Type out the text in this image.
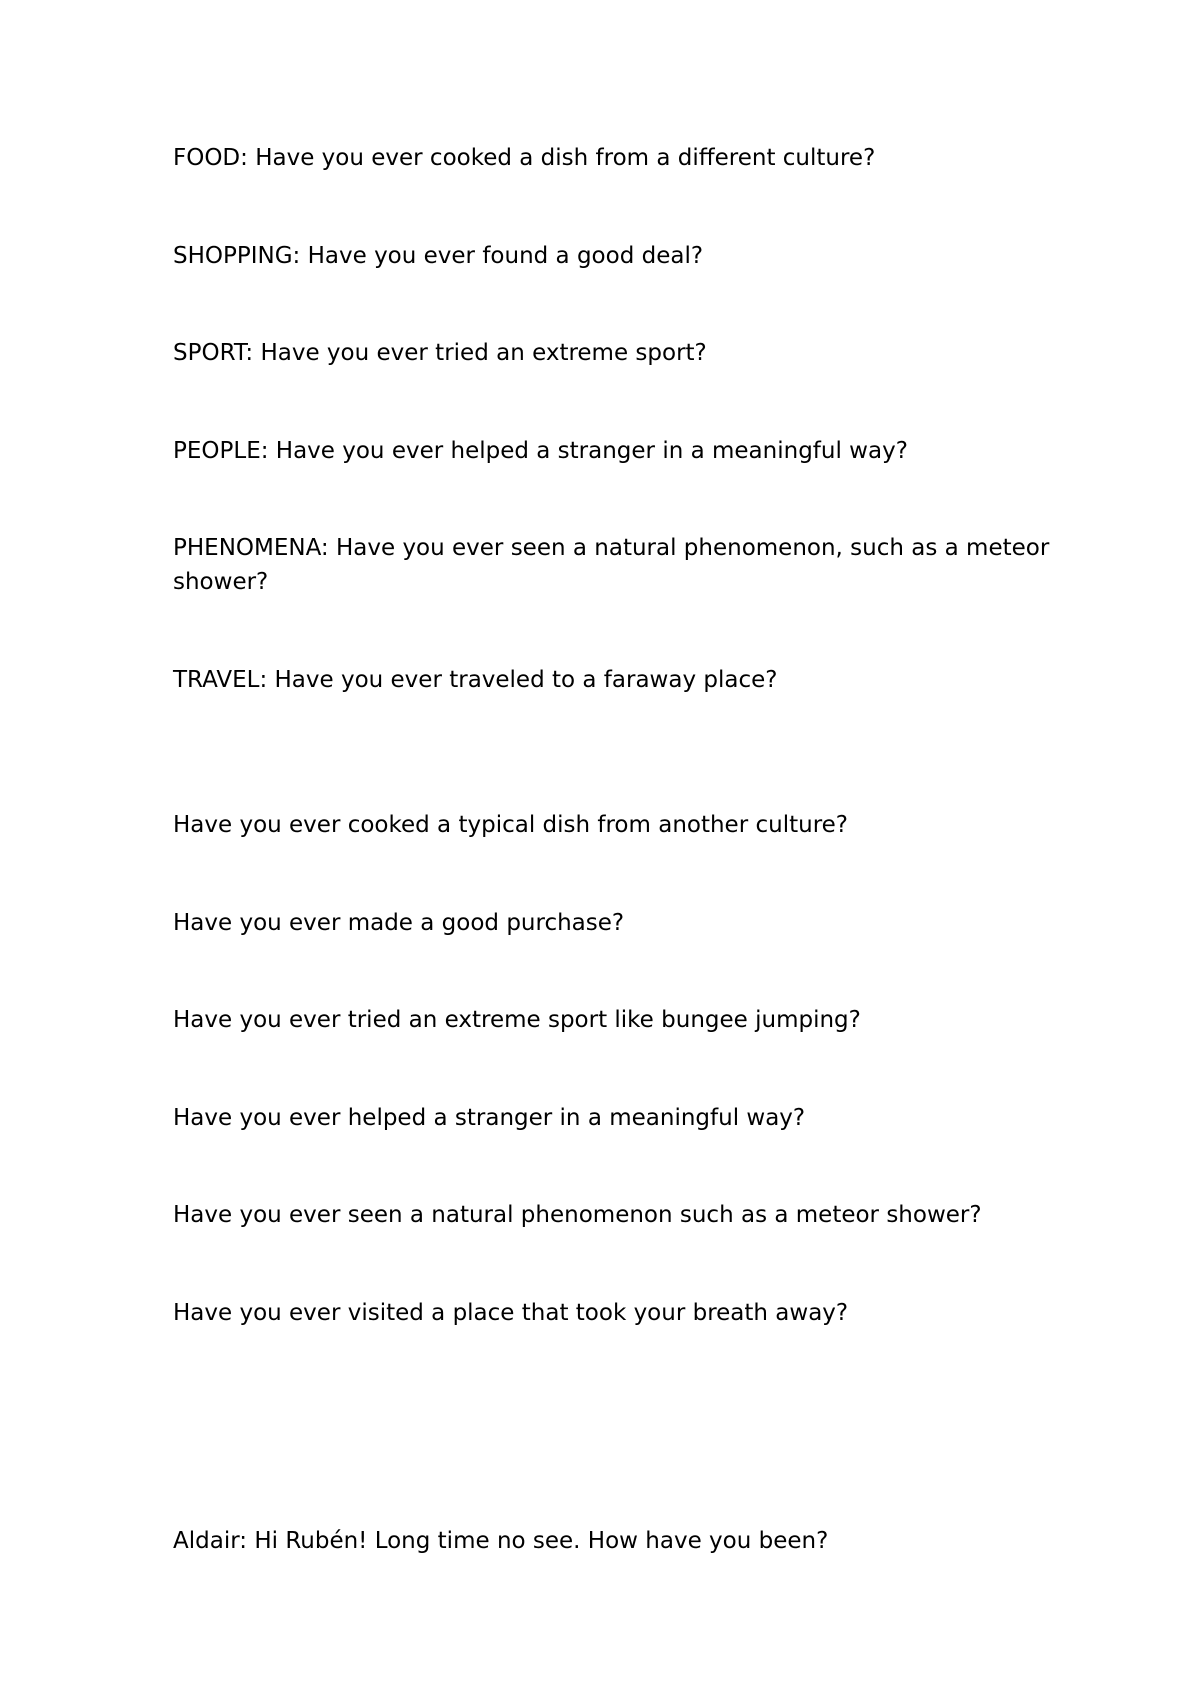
FOOD: Have you ever cooked a dish from a different culture?

SHOPPING: Have you ever found a good deal?

SPORT: Have you ever tried an extreme sport?

PEOPLE: Have you ever helped a stranger in a meaningful way?

PHENOMENA: Have you ever seen a natural phenomenon, such as a meteor shower?

TRAVEL: Have you ever traveled to a faraway place?

Have you ever cooked a typical dish from another culture?

Have you ever made a good purchase?

Have you ever tried an extreme sport like bungee jumping?

Have you ever helped a stranger in a meaningful way?

Have you ever seen a natural phenomenon such as a meteor shower?

Have you ever visited a place that took your breath away?

Aldair: Hi Rubén! Long time no see. How have you been?
